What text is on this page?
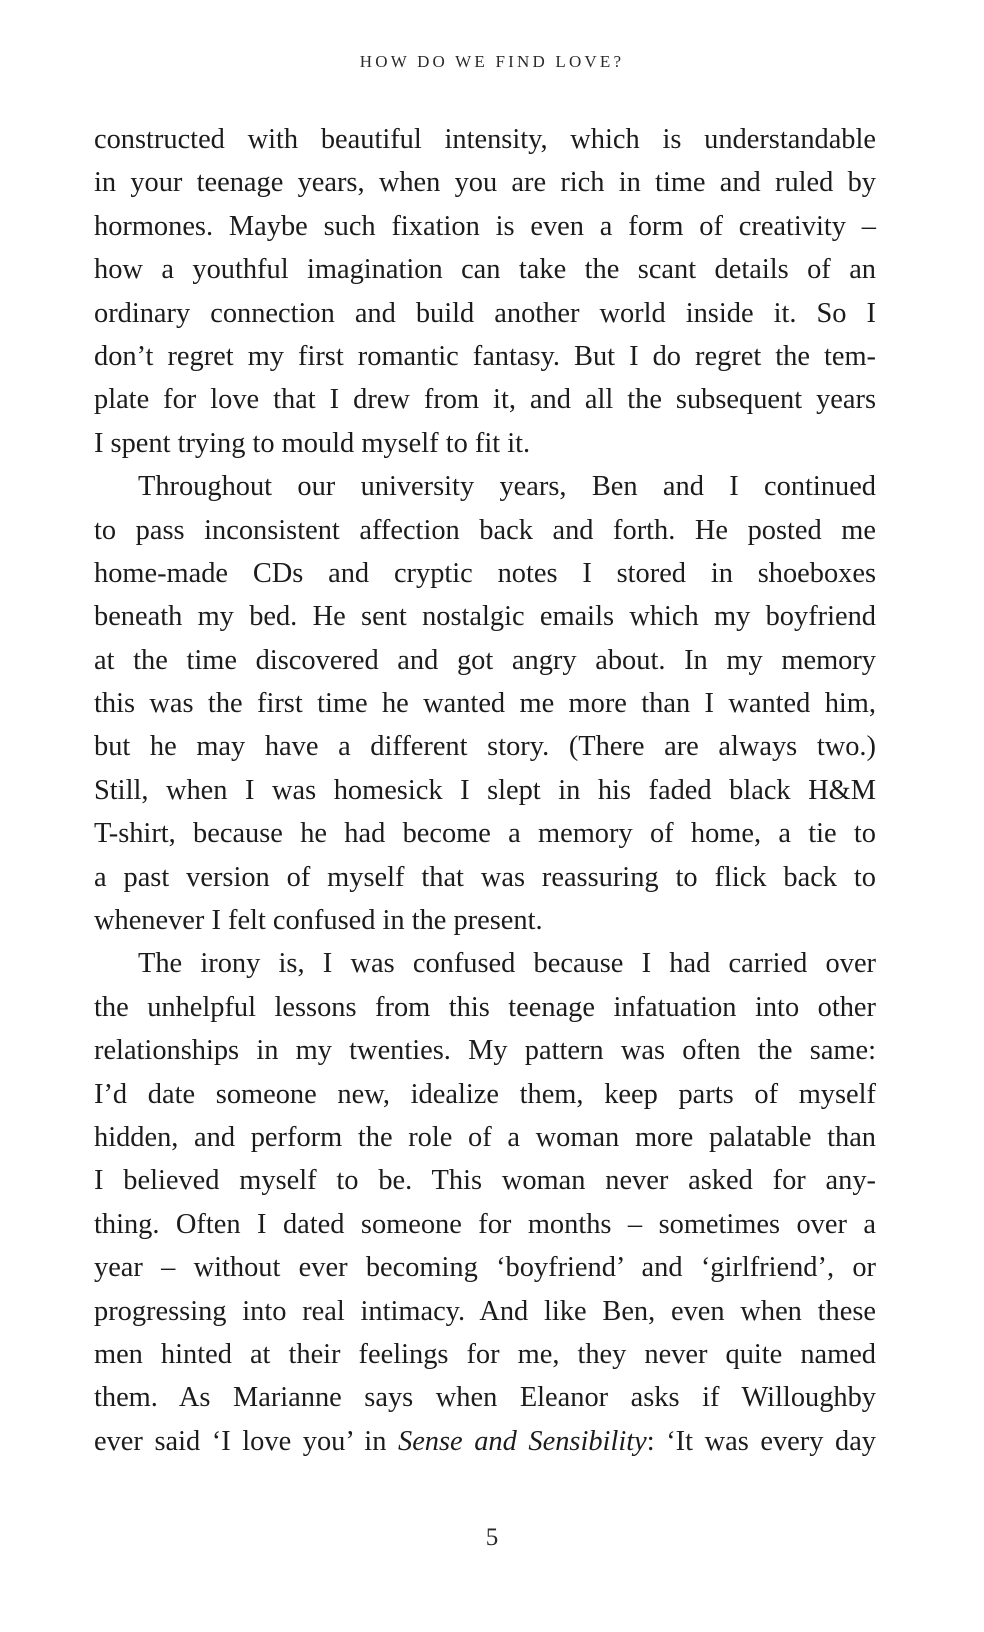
HOW DO WE FIND LOVE?
constructed with beautiful intensity, which is understandable
in your teenage years, when you are rich in time and ruled by
hormones. Maybe such fixation is even a form of creativity –
how a youthful imagination can take the scant details of an
ordinary connection and build another world inside it. So I
don’t regret my first romantic fantasy. But I do regret the tem-
plate for love that I drew from it, and all the subsequent years
I spent trying to mould myself to fit it.
Throughout our university years, Ben and I continued
to pass inconsistent affection back and forth. He posted me
home-made CDs and cryptic notes I stored in shoeboxes
beneath my bed. He sent nostalgic emails which my boyfriend
at the time discovered and got angry about. In my memory
this was the first time he wanted me more than I wanted him,
but he may have a different story. (There are always two.)
Still, when I was homesick I slept in his faded black H&M
T-shirt, because he had become a memory of home, a tie to
a past version of myself that was reassuring to flick back to
whenever I felt confused in the present.
The irony is, I was confused because I had carried over
the unhelpful lessons from this teenage infatuation into other
relationships in my twenties. My pattern was often the same:
I’d date someone new, idealize them, keep parts of myself
hidden, and perform the role of a woman more palatable than
I believed myself to be. This woman never asked for any-
thing. Often I dated someone for months – sometimes over a
year – without ever becoming ‘boyfriend’ and ‘girlfriend’, or
progressing into real intimacy. And like Ben, even when these
men hinted at their feelings for me, they never quite named
them. As Marianne says when Eleanor asks if Willoughby
ever said ‘I love you’ in Sense and Sensibility: ‘It was every day
5
